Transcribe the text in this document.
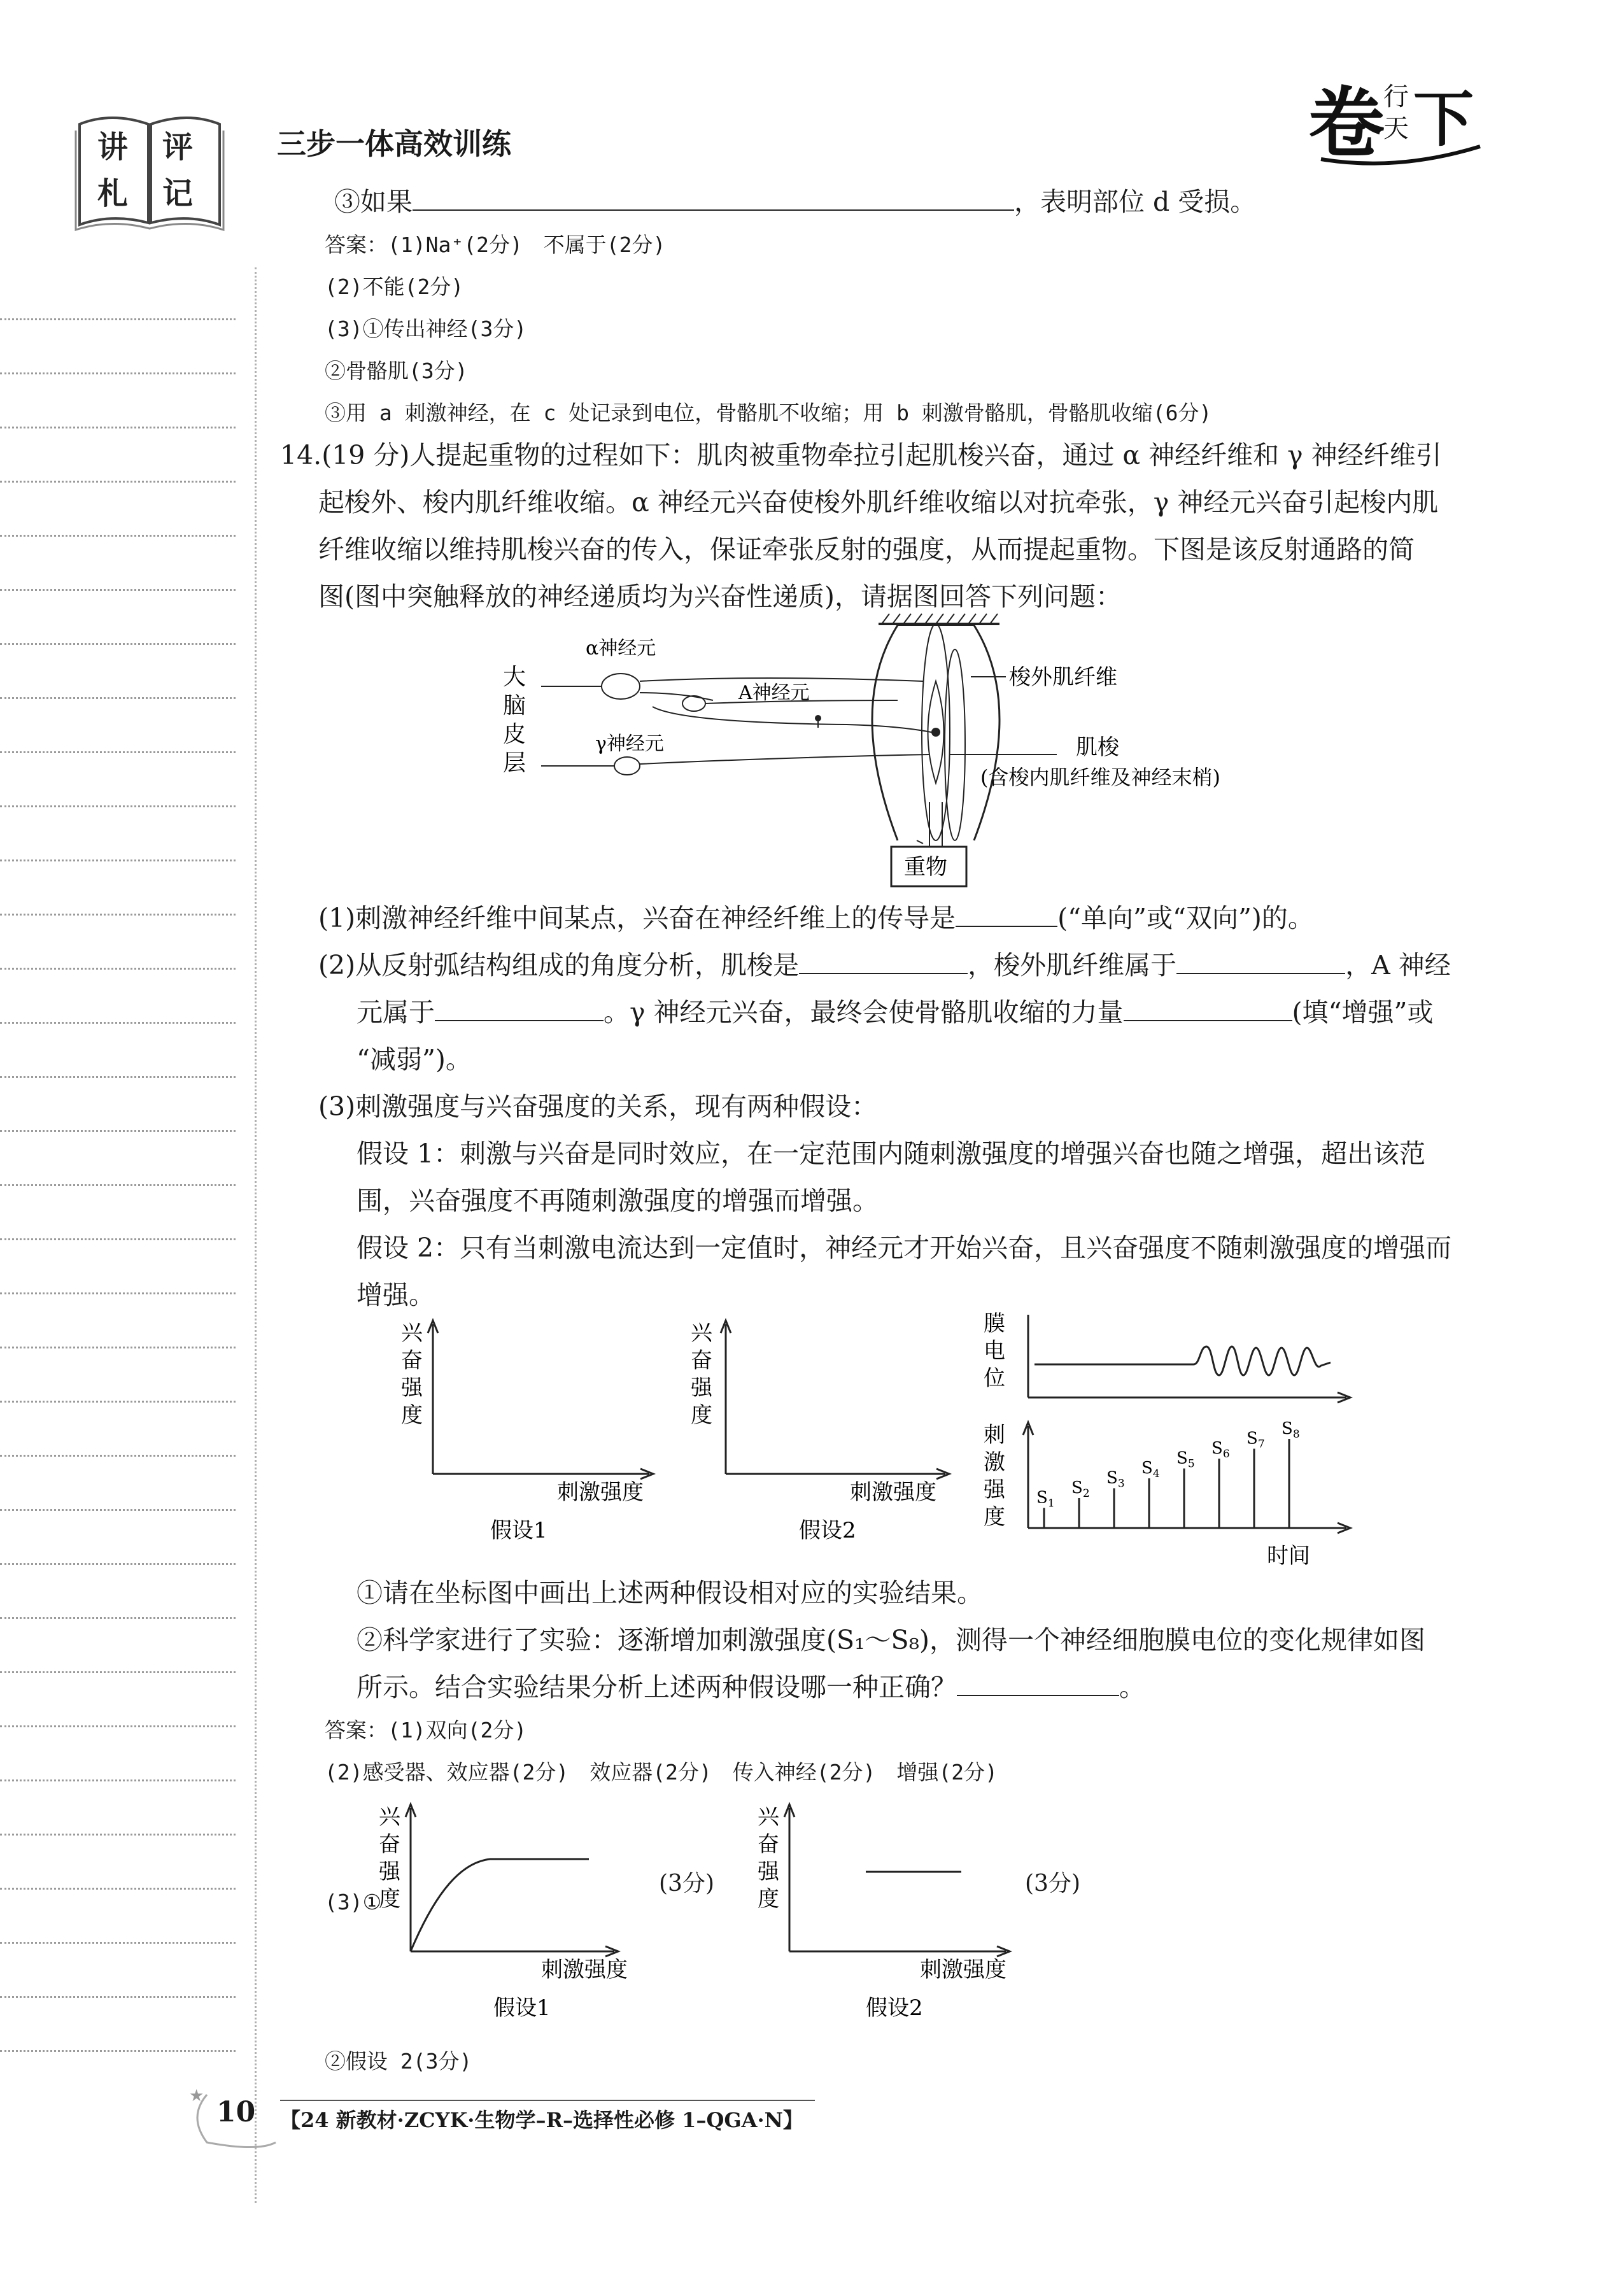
讲 评
札 记
三步一体高效训练	卷
行
天 下
③如果	，表明部位 d 受损。
答案：(1)Na⁺(2分)　不属于(2分)
(2)不能(2分)
(3)①传出神经(3分)
②骨骼肌(3分)
③用 a 刺激神经，在 c 处记录到电位，骨骼肌不收缩；用 b 刺激骨骼肌，骨骼肌收缩(6分)
14.(19 分)人提起重物的过程如下：肌肉被重物牵拉引起肌梭兴奋，通过 α 神经纤维和 γ 神经纤维引
起梭外、梭内肌纤维收缩。α 神经元兴奋使梭外肌纤维收缩以对抗牵张，γ 神经元兴奋引起梭内肌
纤维收缩以维持肌梭兴奋的传入，保证牵张反射的强度，从而提起重物。下图是该反射通路的简
图(图中突触释放的神经递质均为兴奋性递质)，请据图回答下列问题：
大
脑
皮
层
重物
α神经元
A神经元
γ神经元
梭外肌纤维
肌梭
(含梭内肌纤维及神经末梢)
(1)刺激神经纤维中间某点，兴奋在神经纤维上的传导是	(“单向”或“双向”)的。
(2)从反射弧结构组成的角度分析，肌梭是	，梭外肌纤维属于	，A 神经
元属于	。γ 神经元兴奋，最终会使骨骼肌收缩的力量	(填“增强”或
“减弱”)。
(3)刺激强度与兴奋强度的关系，现有两种假设：
假设 1：刺激与兴奋是同时效应，在一定范围内随刺激强度的增强兴奋也随之增强，超出该范
围，兴奋强度不再随刺激强度的增强而增强。
假设 2：只有当刺激电流达到一定值时，神经元才开始兴奋，且兴奋强度不随刺激强度的增强而
增强。
兴
奋
强
度
刺激强度
假设1
兴
奋
强
度
刺激强度
假设2
膜
电
位
刺
激
强
度
$S_1$
$S_2$
$S_3$
$S_4$
$S_5$
$S_6$
$S_7$
$S_8$
时间
①请在坐标图中画出上述两种假设相对应的实验结果。
②科学家进行了实验：逐渐增加刺激强度(S₁～S₈)，测得一个神经细胞膜电位的变化规律如图
所示。结合实验结果分析上述两种假设哪一种正确？	。
答案：(1)双向(2分)
(2)感受器、效应器(2分)　效应器(2分)　传入神经(2分)　增强(2分)
(3)①
兴
奋
强
度
刺激强度
假设1
(3分)
兴
奋
强
度
刺激强度
假设2
(3分)
②假设 2(3分)
★ 10 【24 新教材·ZCYK·生物学–R–选择性必修 1–QGA·N】
